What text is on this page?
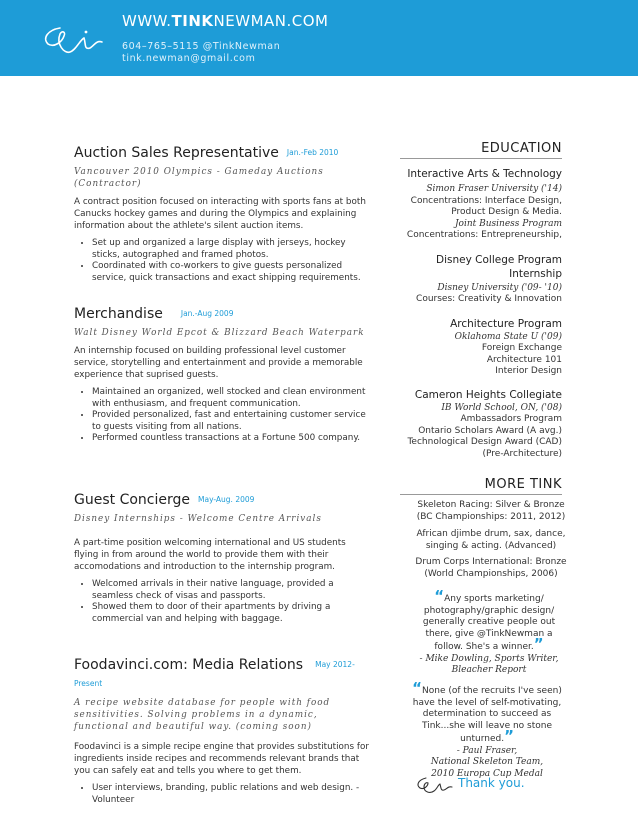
WWW.TINKNEWMAN.COM
604–765–5115 @TinkNewman
tink.newman@gmail.com
Auction Sales Representative Jan.-Feb 2010
Vancouver 2010 Olympics - Gameday Auctions (Contractor)
A contract position focused on interacting with sports fans at both Canucks hockey games and during the Olympics and explaining information about the athlete's silent auction items.
• Set up and organized a large display with jerseys, hockey sticks, autographed and framed photos.
• Coordinated with co-workers to give guests personalized service, quick transactions and exact shipping requirements.
Merchandise Jan.-Aug 2009
Walt Disney World Epcot & Blizzard Beach Waterpark
An internship focused on building professional level customer service, storytelling and entertainment and provide a memorable experience that suprised guests.
• Maintained an organized, well stocked and clean environment with enthusiasm, and frequent communication.
• Provided personalized, fast and entertaining customer service to guests visiting from all nations.
• Performed countless transactions at a Fortune 500 company.
Guest Concierge May-Aug. 2009
Disney Internships - Welcome Centre Arrivals
A part-time position welcoming international and US students flying in from around the world to provide them with their accomodations and introduction to the internship program.
• Welcomed arrivals in their native language, provided a seamless check of visas and passports.
• Showed them to door of their apartments by driving a commercial van and helping with baggage.
Foodavinci.com: Media Relations May 2012- Present
A recipe website database for people with food sensitivities. Solving problems in a dynamic, functional and beautiful way. (coming soon)
Foodavinci is a simple recipe engine that provides substitutions for ingredients inside recipes and recommends relevant brands that you can safely eat and tells you where to get them.
• User interviews, branding, public relations and web design. - Volunteer
EDUCATION
Interactive Arts & Technology
Simon Fraser University ('14)
Concentrations: Interface Design, Product Design & Media.
Joint Business Program
Concentrations: Entrepreneurship,
Disney College Program Internship
Disney University ('09- '10)
Courses: Creativity & Innovation
Architecture Program
Oklahoma State U ('09)
Foreign Exchange
Architecture 101
Interior Design
Cameron Heights Collegiate
IB World School, ON, ('08)
Ambassadors Program
Ontario Scholars Award (A avg.)
Technological Design Award (CAD)
(Pre-Architecture)
MORE TINK
Skeleton Racing: Silver & Bronze (BC Championships: 2011, 2012)
African djimbe drum, sax, dance, singing & acting. (Advanced)
Drum Corps International: Bronze (World Championships, 2006)
“Any sports marketing/ photography/graphic design/ generally creative people out there, give @TinkNewman a follow. She's a winner.”
- Mike Dowling, Sports Writer,
Bleacher Report
“None (of the recruits I've seen) have the level of self-motivating, determination to succeed as Tink...she will leave no stone unturned.”
- Paul Fraser,
National Skeleton Team,
2010 Europa Cup Medal
Thank you.
